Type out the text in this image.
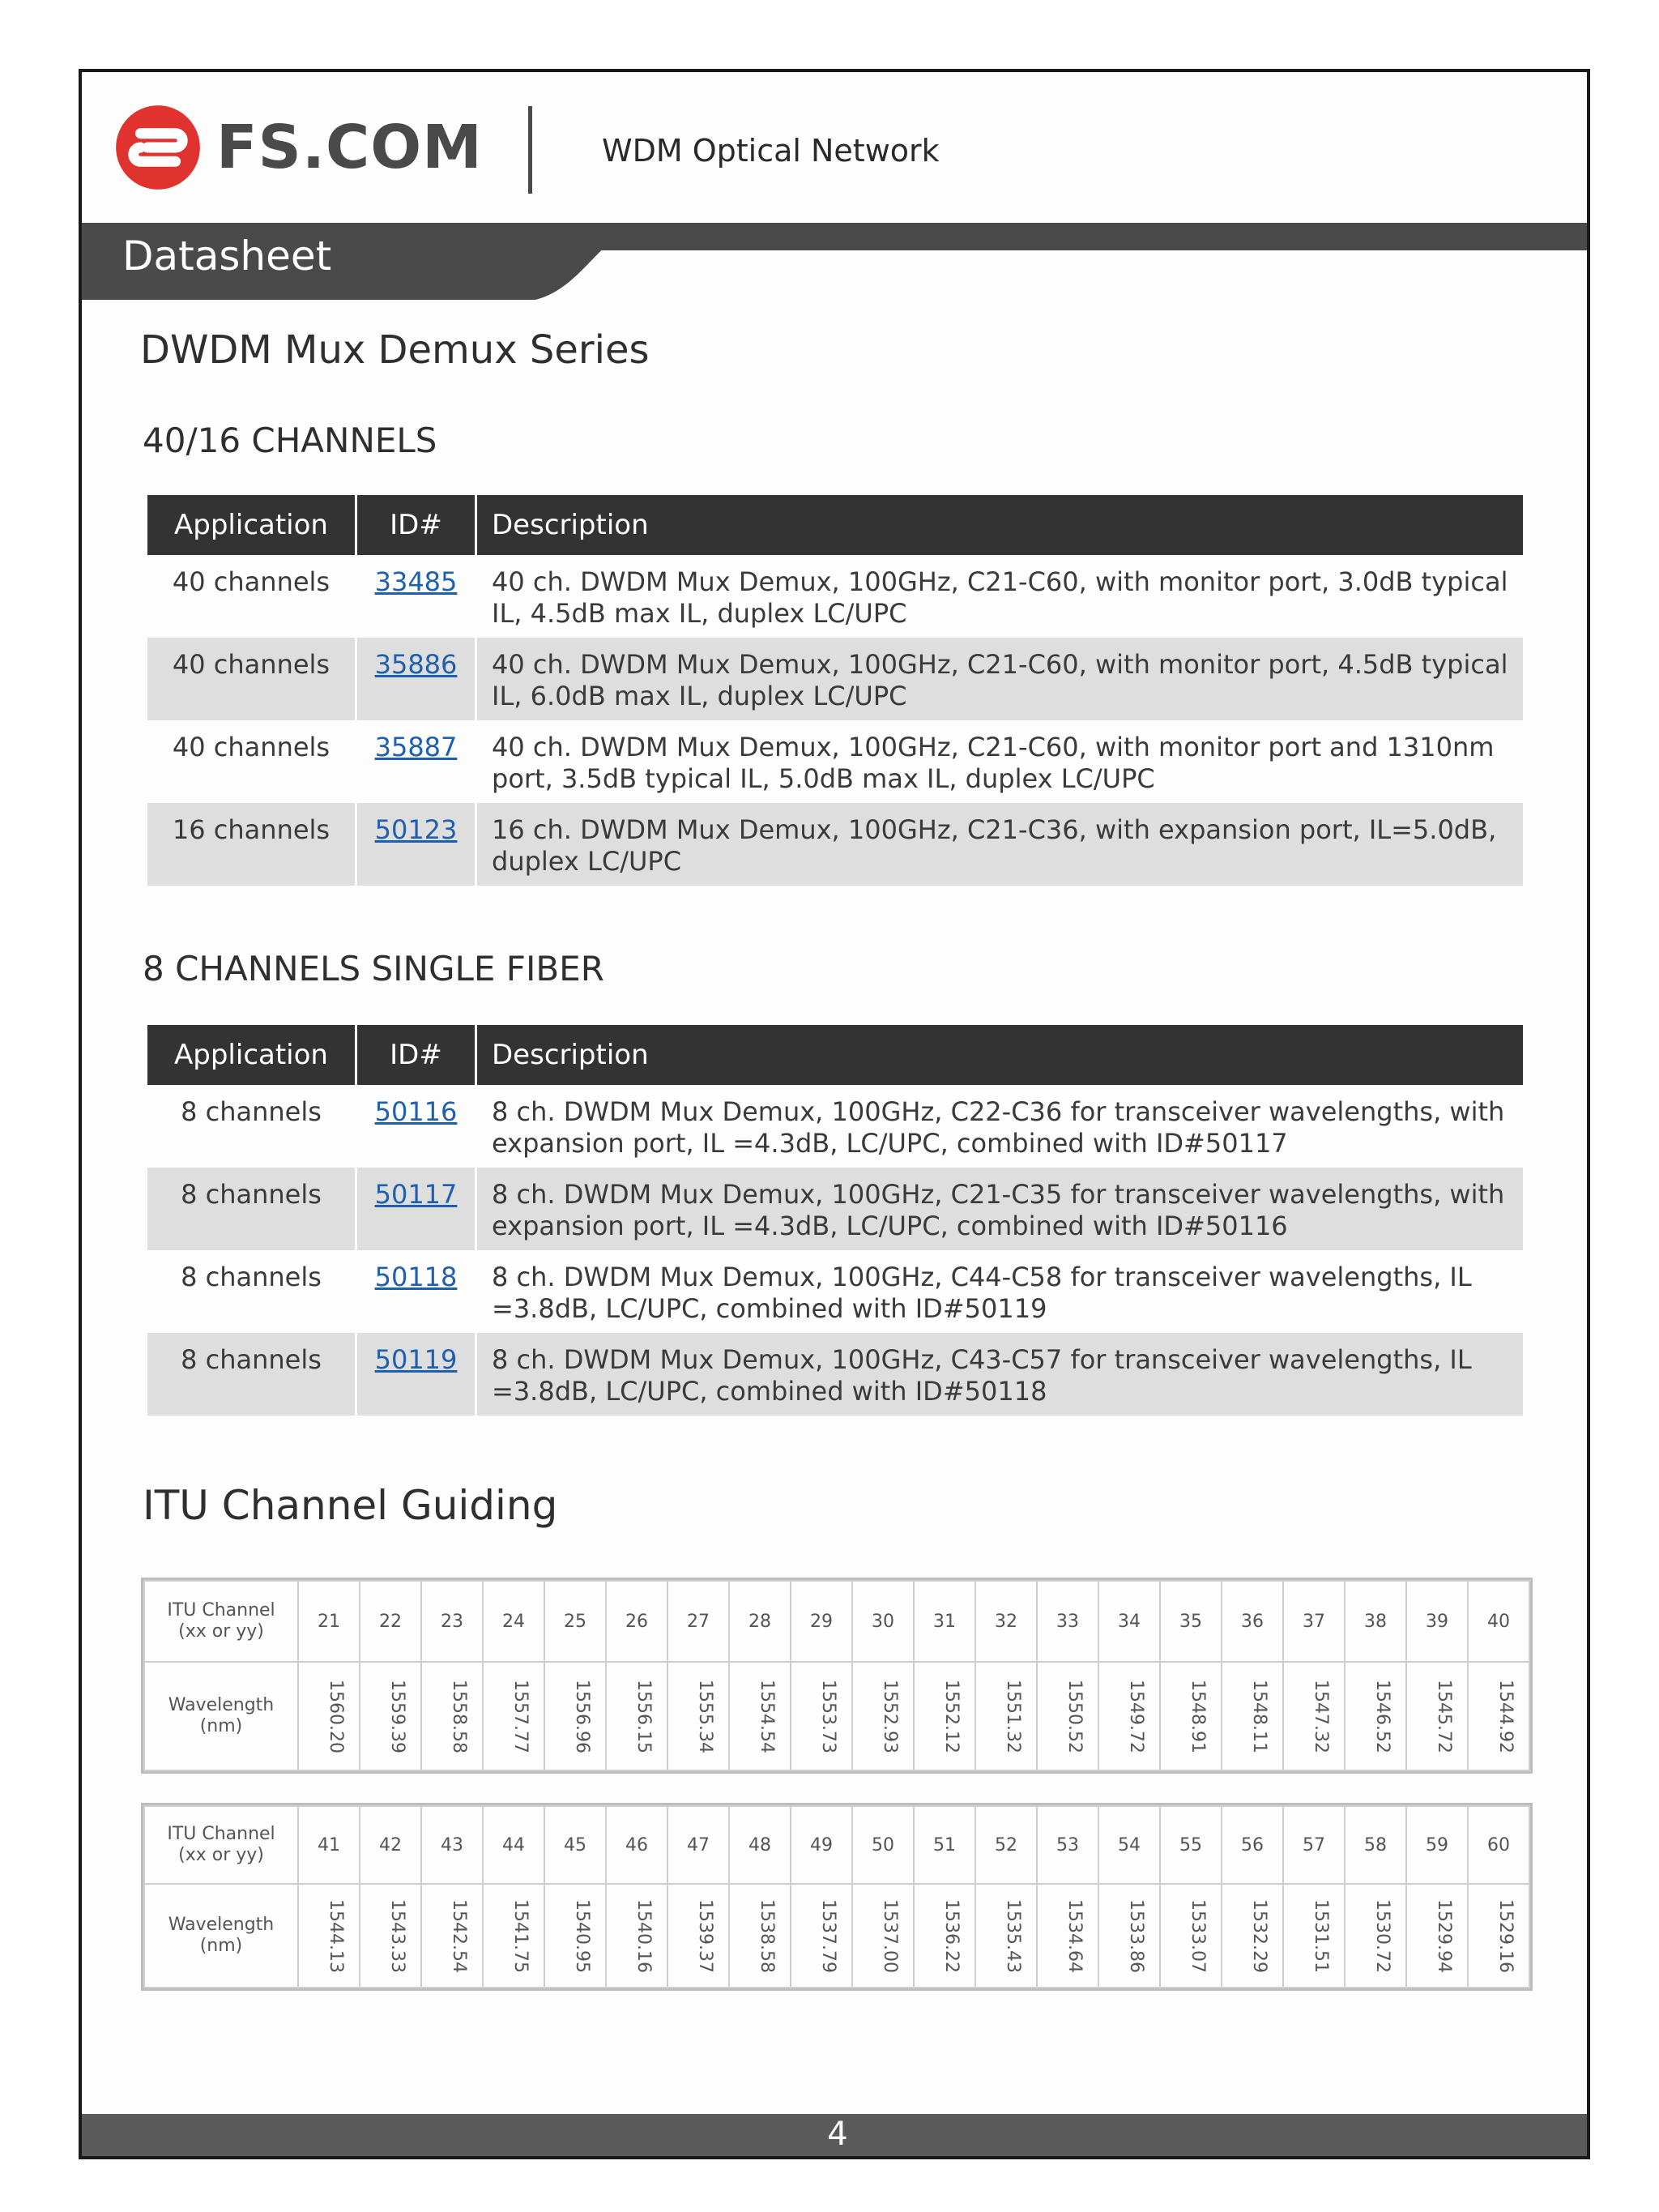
FS.COM	WDM Optical Network
Datasheet
DWDM Mux Demux Series
40/16 CHANNELS
Application	ID#	Description
40 channels	33485	40 ch. DWDM Mux Demux, 100GHz, C21-C60, with monitor port, 3.0dB typical IL, 4.5dB max IL, duplex LC/UPC
40 channels	35886	40 ch. DWDM Mux Demux, 100GHz, C21-C60, with monitor port, 4.5dB typical IL, 6.0dB max IL, duplex LC/UPC
40 channels	35887	40 ch. DWDM Mux Demux, 100GHz, C21-C60, with monitor port and 1310nm port, 3.5dB typical IL, 5.0dB max IL, duplex LC/UPC
16 channels	50123	16 ch. DWDM Mux Demux, 100GHz, C21-C36, with expansion port, IL=5.0dB, duplex LC/UPC
8 CHANNELS SINGLE FIBER
Application	ID#	Description
8 channels	50116	8 ch. DWDM Mux Demux, 100GHz, C22-C36 for transceiver wavelengths, with expansion port, IL =4.3dB, LC/UPC, combined with ID#50117
8 channels	50117	8 ch. DWDM Mux Demux, 100GHz, C21-C35 for transceiver wavelengths, with expansion port, IL =4.3dB, LC/UPC, combined with ID#50116
8 channels	50118	8 ch. DWDM Mux Demux, 100GHz, C44-C58 for transceiver wavelengths, IL =3.8dB, LC/UPC, combined with ID#50119
8 channels	50119	8 ch. DWDM Mux Demux, 100GHz, C43-C57 for transceiver wavelengths, IL =3.8dB, LC/UPC, combined with ID#50118
ITU Channel Guiding
ITU Channel
(xx or yy)	21	22	23	24	25	26	27	28	29	30	31	32	33	34	35	36	37	38	39	40
Wavelength
(nm)	1560.20	1559.39	1558.58	1557.77	1556.96	1556.15	1555.34	1554.54	1553.73	1552.93	1552.12	1551.32	1550.52	1549.72	1548.91	1548.11	1547.32	1546.52	1545.72	1544.92
ITU Channel
(xx or yy)	41	42	43	44	45	46	47	48	49	50	51	52	53	54	55	56	57	58	59	60
Wavelength
(nm)	1544.13	1543.33	1542.54	1541.75	1540.95	1540.16	1539.37	1538.58	1537.79	1537.00	1536.22	1535.43	1534.64	1533.86	1533.07	1532.29	1531.51	1530.72	1529.94	1529.16
4
